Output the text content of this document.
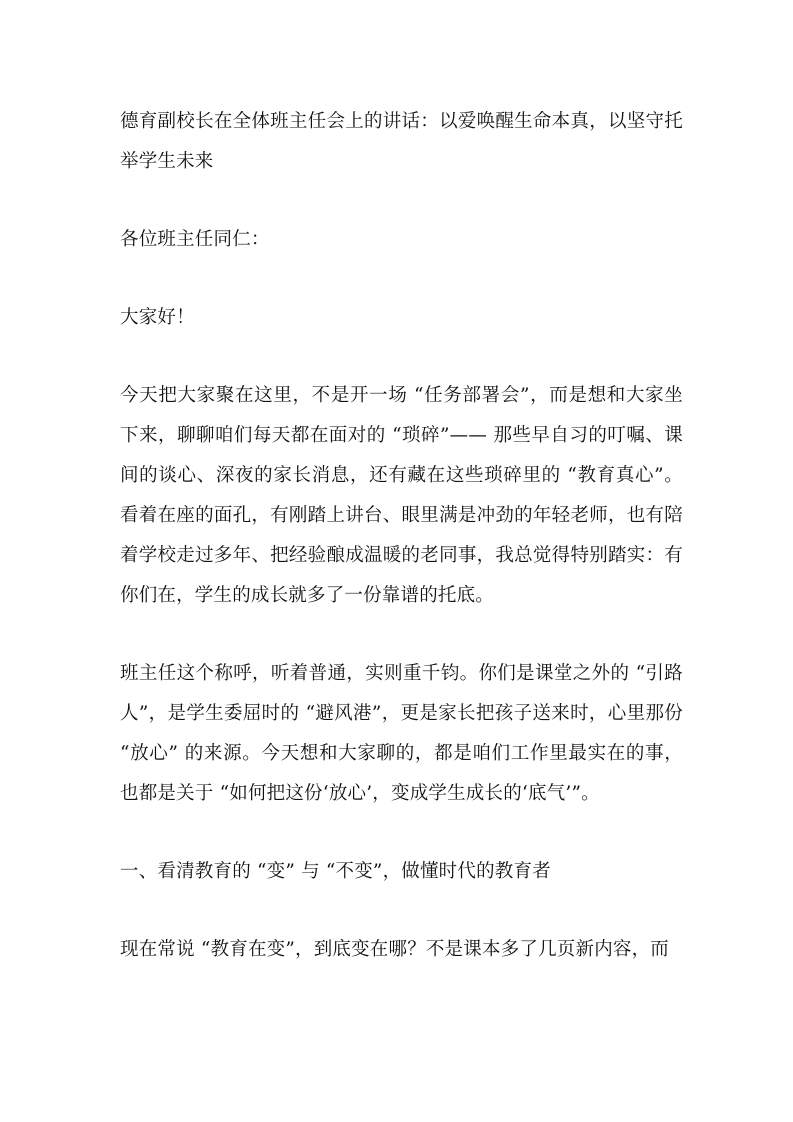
德育副校长在全体班主任会上的讲话：以爱唤醒生命本真，以坚守托举学生未来

各位班主任同仁：

大家好！

今天把大家聚在这里，不是开一场 “任务部署会”，而是想和大家坐下来，聊聊咱们每天都在面对的 “琐碎”—— 那些早自习的叮嘱、课间的谈心、深夜的家长消息，还有藏在这些琐碎里的 “教育真心”。看着在座的面孔，有刚踏上讲台、眼里满是冲劲的年轻老师，也有陪着学校走过多年、把经验酿成温暖的老同事，我总觉得特别踏实：有你们在，学生的成长就多了一份靠谱的托底。

班主任这个称呼，听着普通，实则重千钧。你们是课堂之外的 “引路人”，是学生委屈时的 “避风港”，更是家长把孩子送来时，心里那份 “放心” 的来源。今天想和大家聊的，都是咱们工作里最实在的事，也都是关于 “如何把这份‘放心’，变成学生成长的‘底气’”。

一、看清教育的 “变” 与 “不变”，做懂时代的教育者

现在常说 “教育在变”，到底变在哪？不是课本多了几页新内容，而
